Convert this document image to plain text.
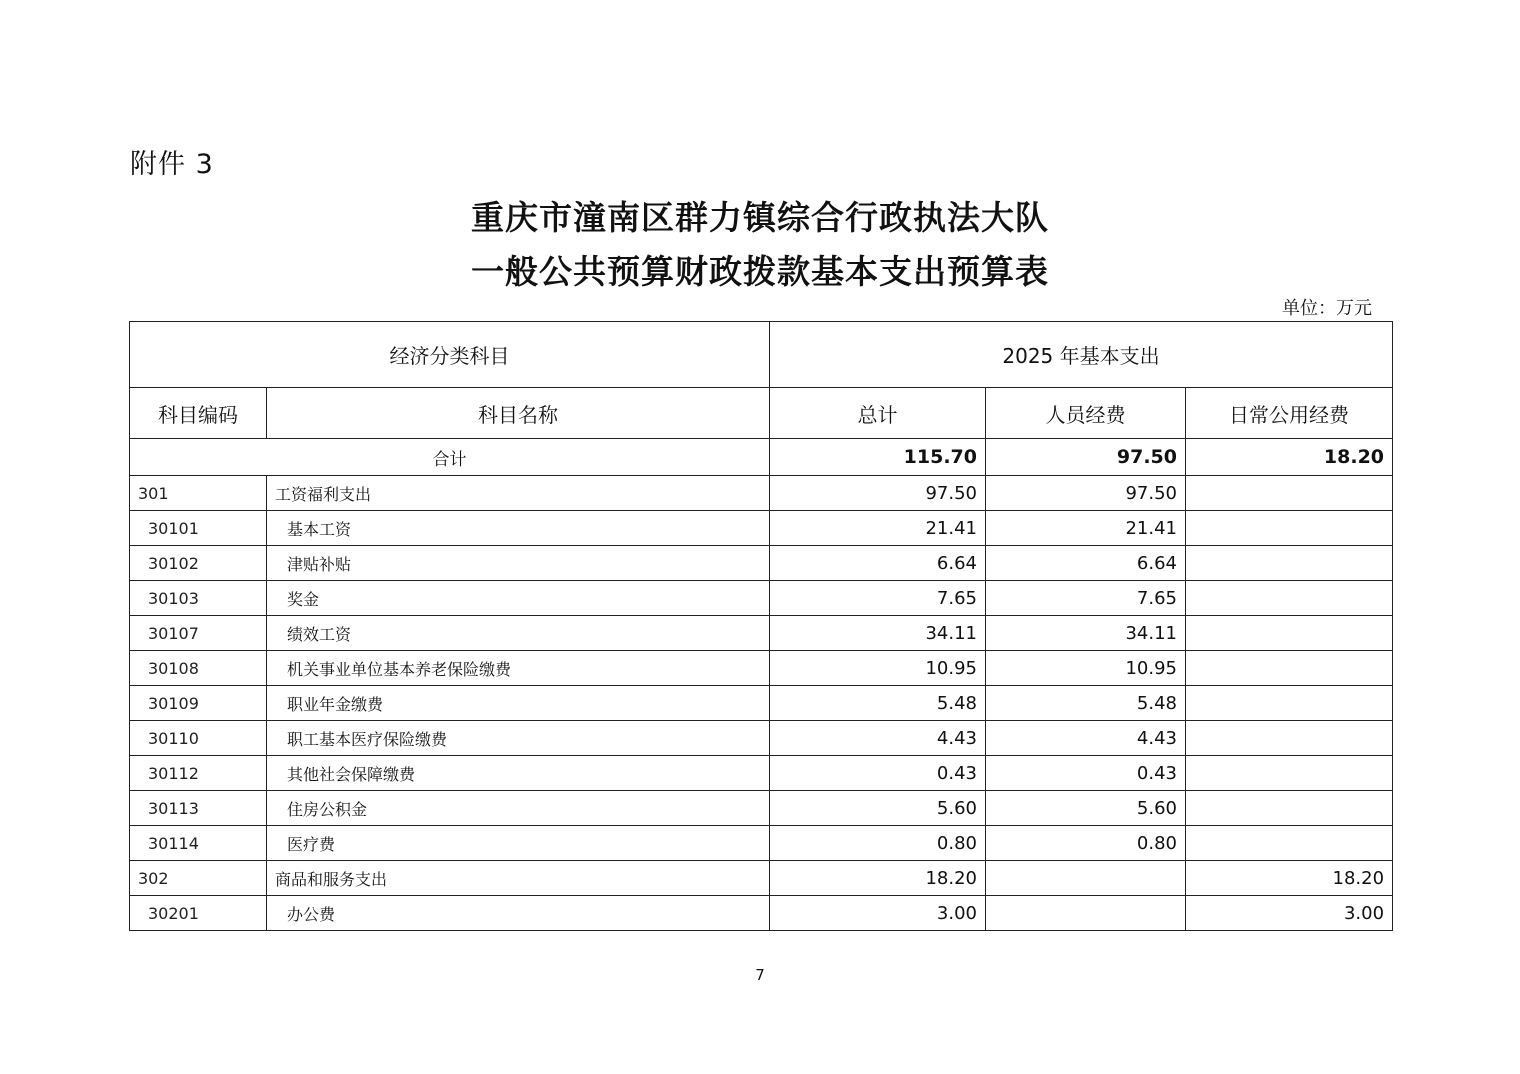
附件 3
重庆市潼南区群力镇综合行政执法大队
一般公共预算财政拨款基本支出预算表
单位：万元
经济分类科目		2025 年基本支出		
科目编码	科目名称	总计	人员经费	日常公用经费
合计		115.70	97.50	18.20
301	工资福利支出	97.50	97.50	
30101	基本工资	21.41	21.41	
30102	津贴补贴	6.64	6.64	
30103	奖金	7.65	7.65	
30107	绩效工资	34.11	34.11	
30108	机关事业单位基本养老保险缴费	10.95	10.95	
30109	职业年金缴费	5.48	5.48	
30110	职工基本医疗保险缴费	4.43	4.43	
30112	其他社会保障缴费	0.43	0.43	
30113	住房公积金	5.60	5.60	
30114	医疗费	0.80	0.80	
302	商品和服务支出	18.20		18.20
30201	办公费	3.00		3.00
7
